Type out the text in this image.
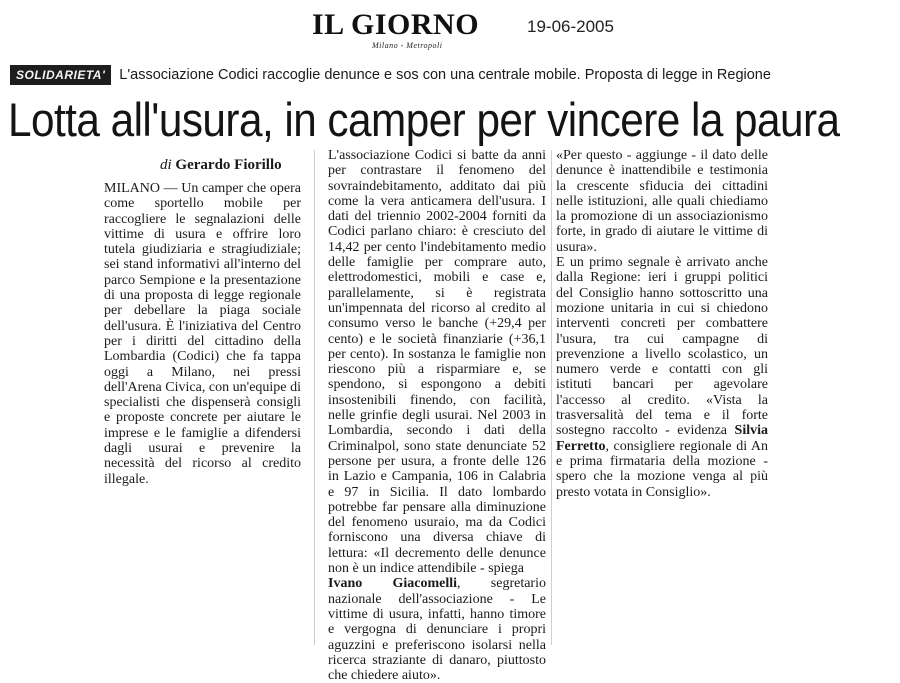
IL GIORNO
Milano - Metropoli
19-06-2005
SOLIDARIETA' L'associazione Codici raccoglie denunce e sos con una centrale mobile. Proposta di legge in Regione
Lotta all'usura, in camper per vincere la paura
di Gerardo Fiorillo

MILANO — Un camper che opera come sportello mobile per raccogliere le segnalazioni delle vittime di usura e offrire loro tutela giudiziaria e stragiudiziale; sei stand informativi all'interno del parco Sempione e la presentazione di una proposta di legge regionale per debellare la piaga sociale dell'usura. È l'iniziativa del Centro per i diritti del cittadino della Lombardia (Codici) che fa tappa oggi a Milano, nei pressi dell'Arena Civica, con un'equipe di specialisti che dispenserà consigli e proposte concrete per aiutare le imprese e le famiglie a difendersi dagli usurai e prevenire la necessità del ricorso al credito illegale.

L'associazione Codici si batte da anni per contrastare il fenomeno del sovraindebitamento, additato dai più come la vera anticamera dell'usura. I dati del triennio 2002-2004 forniti da Codici parlano chiaro: è cresciuto del 14,42 per cento l'indebitamento medio delle famiglie per comprare auto, elettrodomestici, mobili e case e, parallelamente, si è registrata un'impennata del ricorso al credito al consumo verso le banche (+29,4 per cento) e le società finanziarie (+36,1 per cento). In sostanza le famiglie non riescono più a risparmiare e, se spendono, si espongono a debiti insostenibili finendo, con facilità, nelle grinfie degli usurai. Nel 2003 in Lombardia, secondo i dati della Criminalpol, sono state denunciate 52 persone per usura, a fronte delle 126 in Lazio e Campania, 106 in Calabria e 97 in Sicilia. Il dato lombardo potrebbe far pensare alla diminuzione del fenomeno usuraio, ma da Codici forniscono una diversa chiave di lettura: «Il decremento delle denunce non è un indice attendibile - spiega

Ivano Giacomelli, segretario nazionale dell'associazione - Le vittime di usura, infatti, hanno timore e vergogna di denunciare i propri aguzzini e preferiscono isolarsi nella ricerca straziante di danaro, piuttosto che chiedere aiuto».

«Per questo - aggiunge - il dato delle denunce è inattendibile e testimonia la crescente sfiducia dei cittadini nelle istituzioni, alle quali chiediamo la promozione di un associazionismo forte, in grado di aiutare le vittime di usura».

E un primo segnale è arrivato anche dalla Regione: ieri i gruppi politici del Consiglio hanno sottoscritto una mozione unitaria in cui si chiedono interventi concreti per combattere l'usura, tra cui campagne di prevenzione a livello scolastico, un numero verde e contatti con gli istituti bancari per agevolare l'accesso al credito. «Vista la trasversalità del tema e il forte sostegno raccolto - evidenza Silvia Ferretto, consigliere regionale di An e prima firmataria della mozione - spero che la mozione venga al più presto votata in Consiglio».
